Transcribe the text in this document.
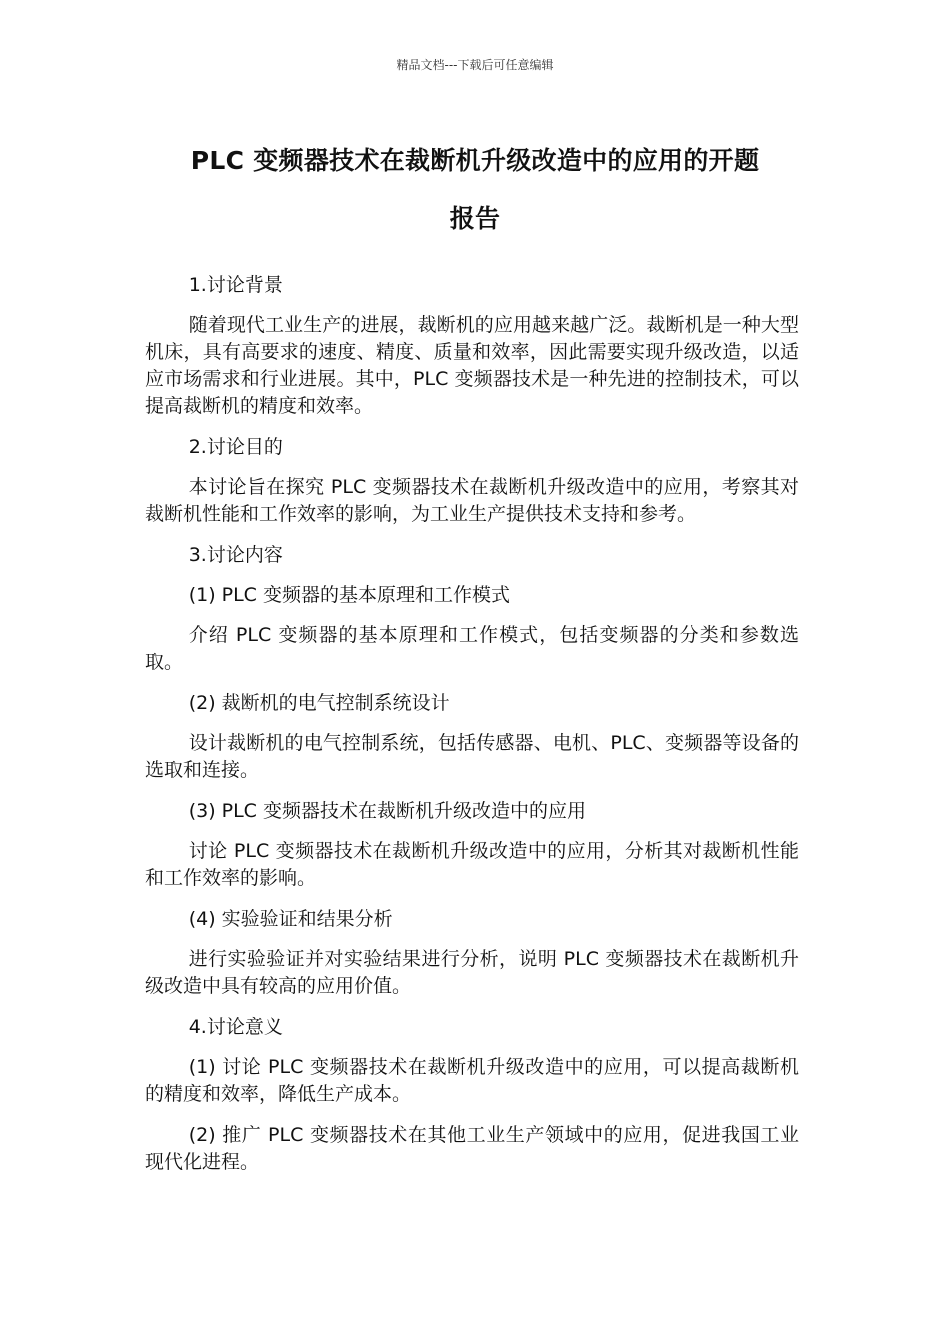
精品文档---下载后可任意编辑
PLC 变频器技术在裁断机升级改造中的应用的开题
报告

1.讨论背景

随着现代工业生产的进展，裁断机的应用越来越广泛。裁断机是一种大型机床，具有高要求的速度、精度、质量和效率，因此需要实现升级改造，以适应市场需求和行业进展。其中，PLC 变频器技术是一种先进的控制技术，可以提高裁断机的精度和效率。

2.讨论目的

本讨论旨在探究 PLC 变频器技术在裁断机升级改造中的应用，考察其对裁断机性能和工作效率的影响，为工业生产提供技术支持和参考。

3.讨论内容

(1) PLC 变频器的基本原理和工作模式

介绍 PLC 变频器的基本原理和工作模式，包括变频器的分类和参数选取。

(2) 裁断机的电气控制系统设计

设计裁断机的电气控制系统，包括传感器、电机、PLC、变频器等设备的选取和连接。

(3) PLC 变频器技术在裁断机升级改造中的应用

讨论 PLC 变频器技术在裁断机升级改造中的应用，分析其对裁断机性能和工作效率的影响。

(4) 实验验证和结果分析

进行实验验证并对实验结果进行分析，说明 PLC 变频器技术在裁断机升级改造中具有较高的应用价值。

4.讨论意义

(1) 讨论 PLC 变频器技术在裁断机升级改造中的应用，可以提高裁断机的精度和效率，降低生产成本。

(2) 推广 PLC 变频器技术在其他工业生产领域中的应用，促进我国工业现代化进程。
